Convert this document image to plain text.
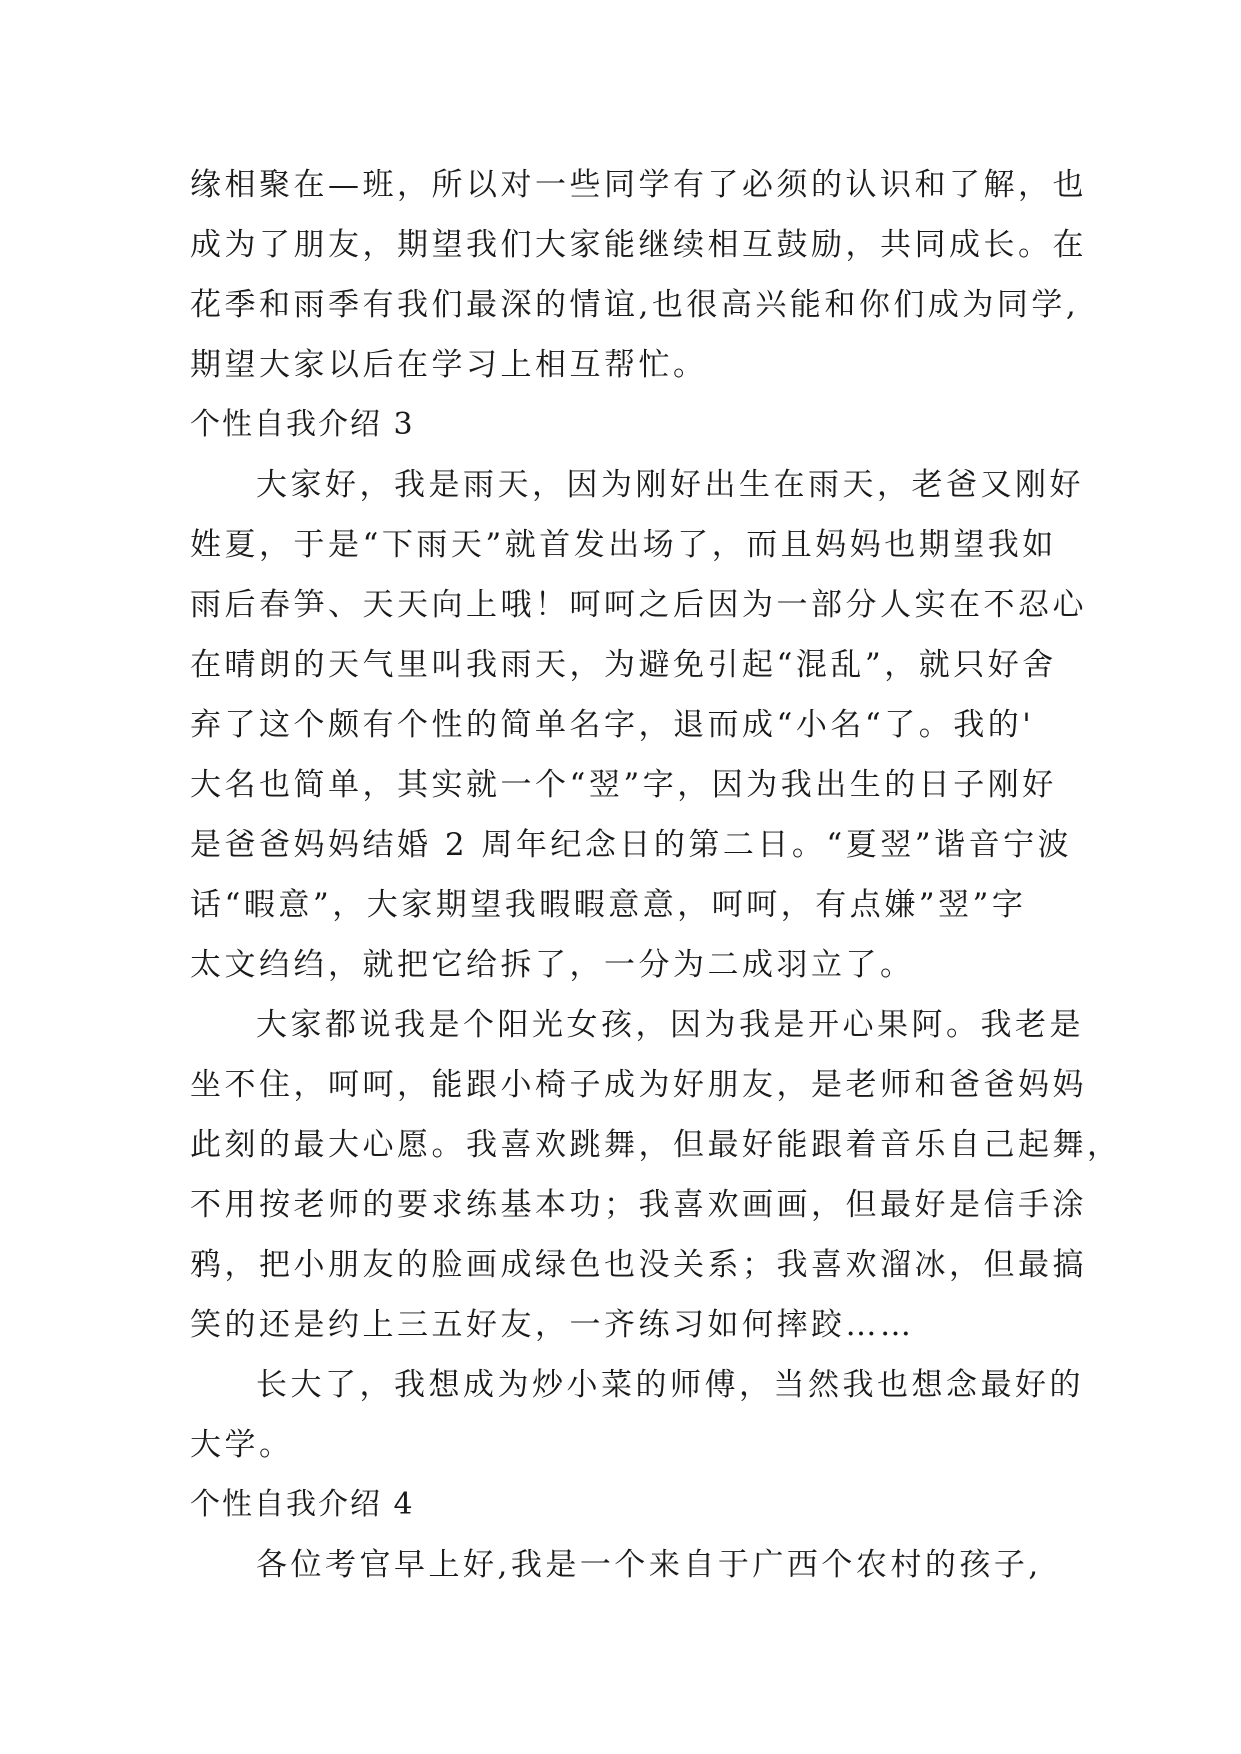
缘相聚在—班，所以对一些同学有了必须的认识和了解，也
成为了朋友，期望我们大家能继续相互鼓励，共同成长。在
花季和雨季有我们最深的情谊,也很高兴能和你们成为同学,
期望大家以后在学习上相互帮忙。
个性自我介绍 3
大家好，我是雨天，因为刚好出生在雨天，老爸又刚好
姓夏，于是“下雨天”就首发出场了，而且妈妈也期望我如
雨后春笋、天天向上哦！呵呵之后因为一部分人实在不忍心
在晴朗的天气里叫我雨天，为避免引起“混乱”，就只好舍
弃了这个颇有个性的简单名字，退而成“小名“了。我的'
大名也简单，其实就一个“翌”字，因为我出生的日子刚好
是爸爸妈妈结婚 2 周年纪念日的第二日。“夏翌”谐音宁波
话“暇意”，大家期望我暇暇意意，呵呵，有点嫌”翌”字
太文绉绉，就把它给拆了，一分为二成羽立了。
大家都说我是个阳光女孩，因为我是开心果阿。我老是
坐不住，呵呵，能跟小椅子成为好朋友，是老师和爸爸妈妈
此刻的最大心愿。我喜欢跳舞，但最好能跟着音乐自己起舞，
不用按老师的要求练基本功；我喜欢画画，但最好是信手涂
鸦，把小朋友的脸画成绿色也没关系；我喜欢溜冰，但最搞
笑的还是约上三五好友，一齐练习如何摔跤……
长大了，我想成为炒小菜的师傅，当然我也想念最好的
大学。
个性自我介绍 4
各位考官早上好,我是一个来自于广西个农村的孩子,
